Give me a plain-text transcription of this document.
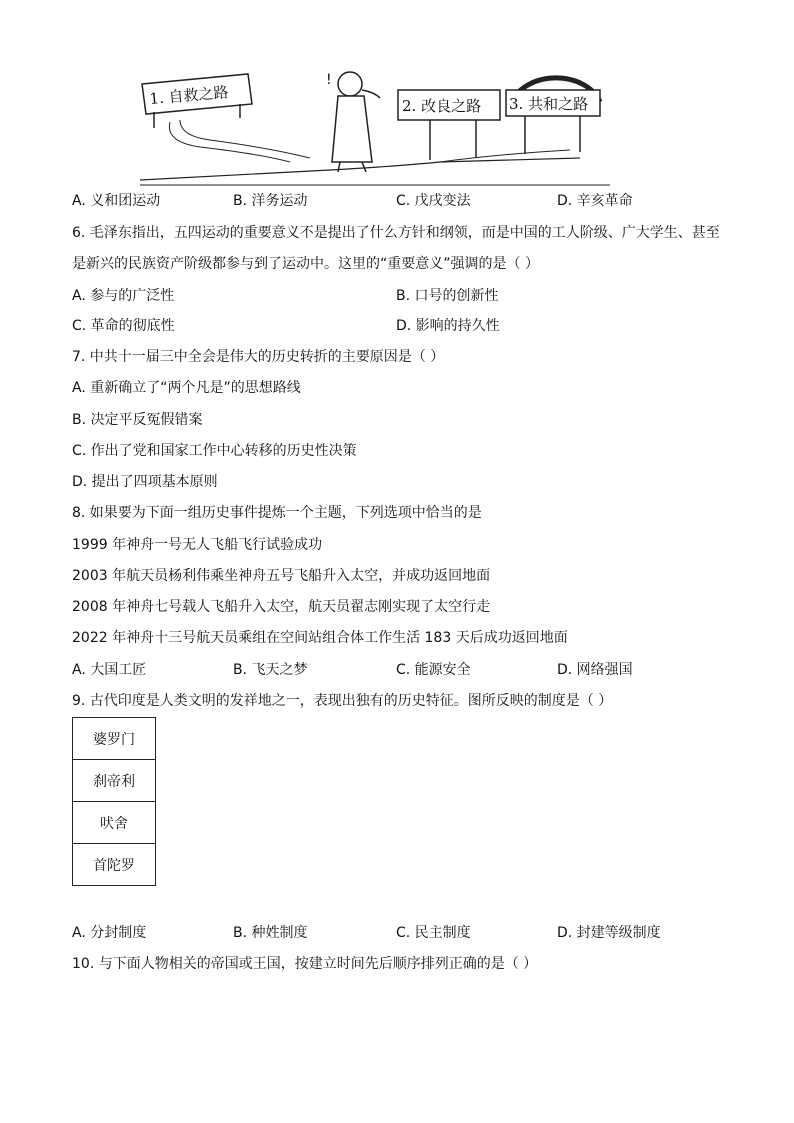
1. 自救之路
!
2. 改良之路 3. 共和之路
A. 义和团运动	B. 洋务运动	C. 戊戌变法	D. 辛亥革命
6. 毛泽东指出，五四运动的重要意义不是提出了什么方针和纲领，而是中国的工人阶级、广大学生、甚至
是新兴的民族资产阶级都参与到了运动中。这里的“重要意义”强调的是（ ）
A. 参与的广泛性	B. 口号的创新性
C. 革命的彻底性	D. 影响的持久性
7. 中共十一届三中全会是伟大的历史转折的主要原因是（ ）
A. 重新确立了“两个凡是”的思想路线
B. 决定平反冤假错案
C. 作出了党和国家工作中心转移的历史性决策
D. 提出了四项基本原则
8. 如果要为下面一组历史事件提炼一个主题，下列选项中恰当的是
1999 年神舟一号无人飞船飞行试验成功
2003 年航天员杨利伟乘坐神舟五号飞船升入太空，并成功返回地面
2008 年神舟七号载人飞船升入太空，航天员翟志刚实现了太空行走
2022 年神舟十三号航天员乘组在空间站组合体工作生活 183 天后成功返回地面
A. 大国工匠	B. 飞天之梦	C. 能源安全	D. 网络强国
9. 古代印度是人类文明的发祥地之一，表现出独有的历史特征。图所反映的制度是（ ）
婆罗门
刹帝利
吠舍
首陀罗
A. 分封制度	B. 种姓制度	C. 民主制度	D. 封建等级制度
10. 与下面人物相关的帝国或王国，按建立时间先后顺序排列正确的是（ ）
